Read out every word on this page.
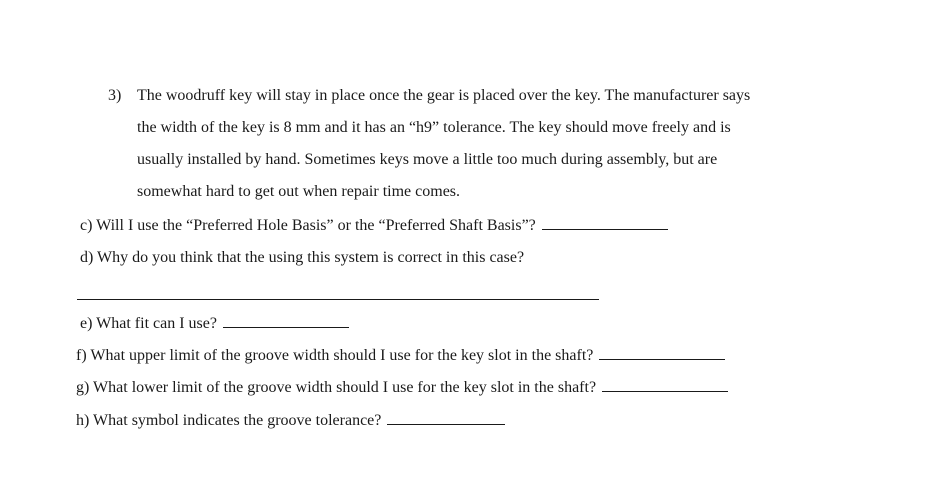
3) The woodruff key will stay in place once the gear is placed over the key. The manufacturer says
the width of the key is 8 mm and it has an “h9” tolerance. The key should move freely and is
usually installed by hand. Sometimes keys move a little too much during assembly, but are
somewhat hard to get out when repair time comes.
c) Will I use the “Preferred Hole Basis” or the “Preferred Shaft Basis”?
d) Why do you think that the using this system is correct in this case?
e) What fit can I use?
f) What upper limit of the groove width should I use for the key slot in the shaft?
g) What lower limit of the groove width should I use for the key slot in the shaft?
h) What symbol indicates the groove tolerance?
